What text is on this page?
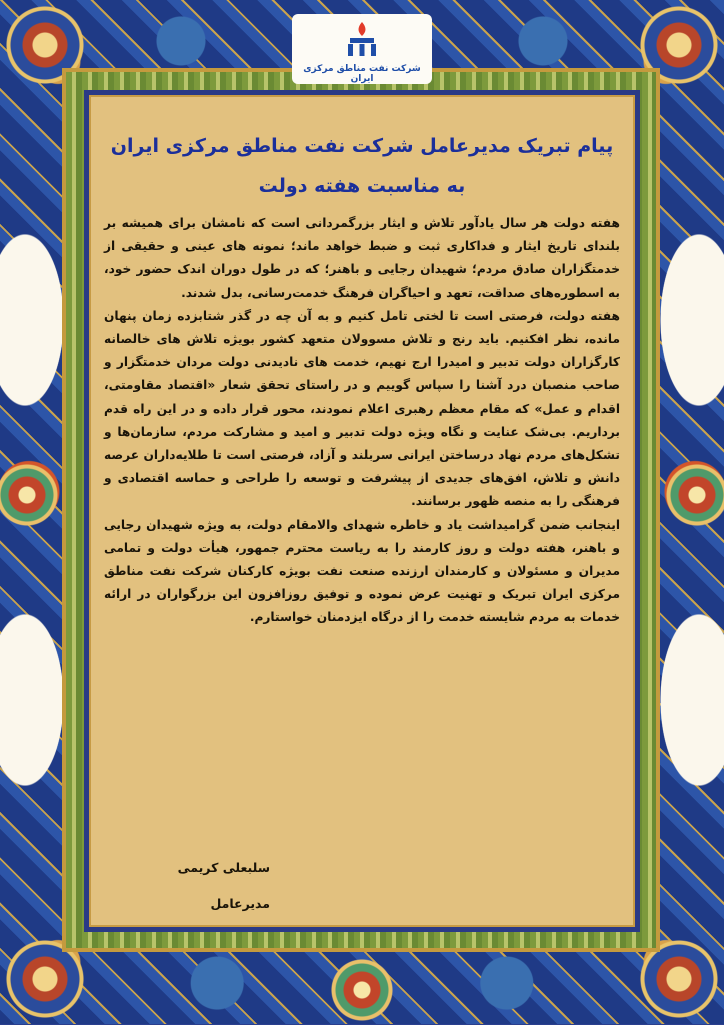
شرکت نفت مناطق مرکزی ایران
پیام تبریک مدیرعامل شرکت نفت مناطق مرکزی ایران
به مناسبت هفته دولت

هفته دولت هر سال یادآور تلاش و ایثار بزرگمردانی است که نامشان برای همیشه بر بلندای تاریخ ایثار و فداکاری ثبت و ضبط خواهد ماند؛ نمونه های عینی و حقیقی از خدمتگزاران صادق مردم؛ شهیدان رجایی و باهنر؛ که در طول دوران اندک حضور خود، به اسطوره‌های صداقت، تعهد و احیاگران فرهنگ خدمت‌رسانی، بدل شدند.

هفته دولت، فرصتی است تا لختی تامل کنیم و به آن چه در گذر شتابزده زمان پنهان مانده، نظر افکنیم. باید رنج و تلاش مسوولان متعهد کشور بویژه تلاش های خالصانه کارگزاران دولت تدبیر و امیدرا ارج نهیم، خدمت های نادیدنی دولت مردان خدمتگزار و صاحب منصبان درد آشنا را سپاس گوییم و در راستای تحقق شعار «اقتصاد مقاومتی، اقدام و عمل» که مقام معظم رهبری اعلام نمودند، محور قرار داده و در این راه قدم برداریم. بی‌شک عنایت و نگاه ویژه دولت تدبیر و امید و مشارکت مردم، سازمان‌ها و تشکل‌های مردم نهاد درساختن ایرانی سربلند و آزاد، فرصتی است تا طلایه‌داران عرصه دانش و تلاش، افق‌های جدیدی از پیشرفت و توسعه را طراحی و حماسه اقتصادی و فرهنگی را به منصه ظهور برسانند.

اینجانب ضمن گرامیداشت یاد و خاطره شهدای والامقام دولت، به ویژه شهیدان رجایی و باهنر، هفته دولت و روز کارمند را به ریاست محترم جمهور، هیأت دولت و تمامی مدیران و مسئولان و کارمندان ارزنده صنعت نفت بویژه کارکنان شرکت نفت مناطق مرکزی ایران تبریک و تهنیت عرض نموده و توفیق روزافزون این بزرگواران در ارائه خدمات به مردم شایسته خدمت را از درگاه ایزدمنان خواستارم.

سلبعلی کریمی
مدیرعامل
